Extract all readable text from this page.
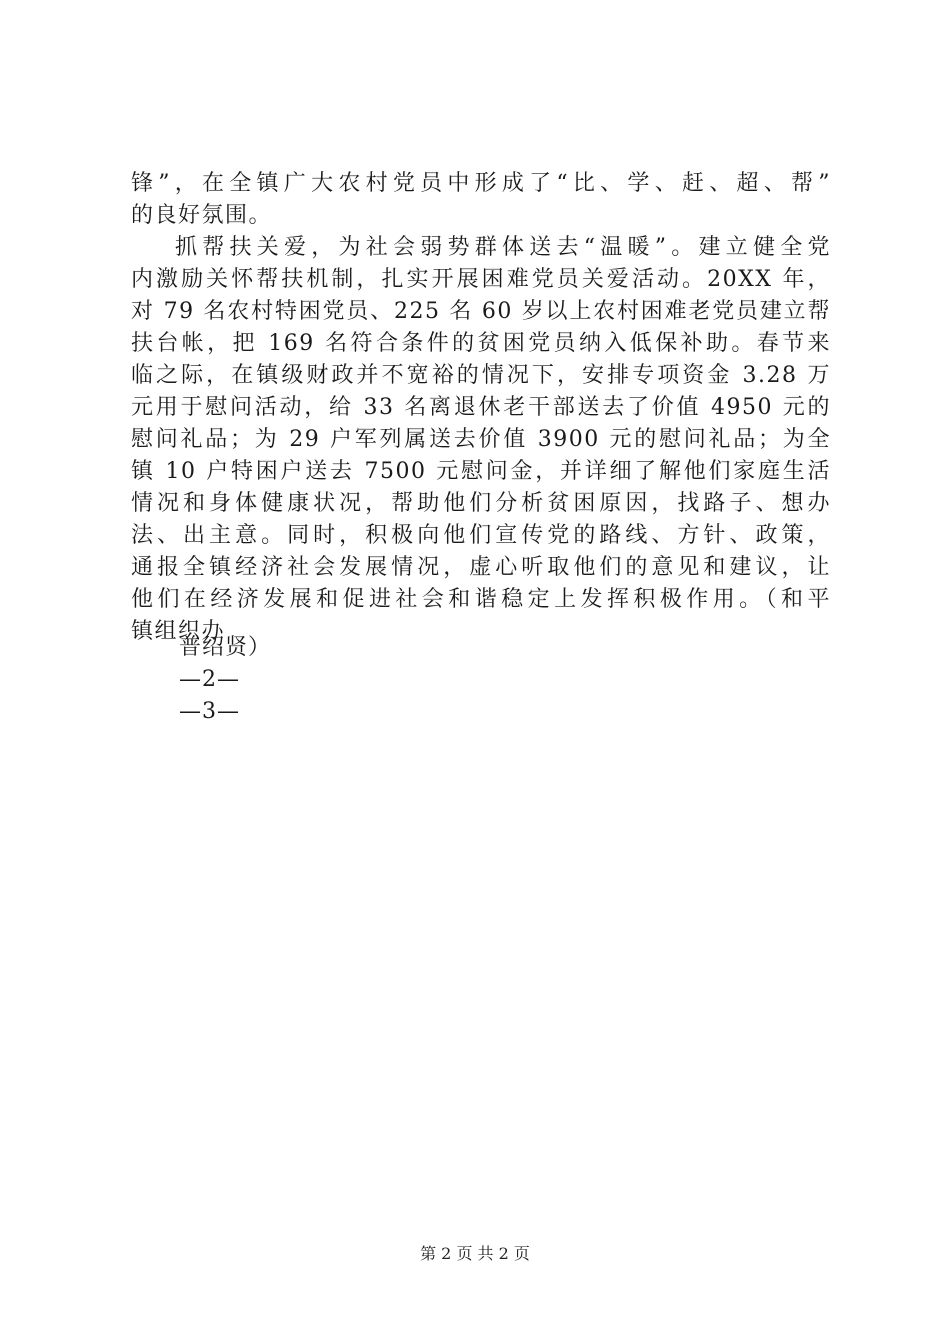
锋”，在全镇广大农村党员中形成了“比、学、赶、超、帮”
的良好氛围。
抓帮扶关爱，为社会弱势群体送去“温暖”。建立健全党
内激励关怀帮扶机制，扎实开展困难党员关爱活动。20XX 年，
对 79 名农村特困党员、225 名 60 岁以上农村困难老党员建立帮
扶台帐，把 169 名符合条件的贫困党员纳入低保补助。春节来
临之际，在镇级财政并不宽裕的情况下，安排专项资金 3.28 万
元用于慰问活动，给 33 名离退休老干部送去了价值 4950 元的
慰问礼品；为 29 户军列属送去价值 3900 元的慰问礼品；为全
镇 10 户特困户送去 7500 元慰问金，并详细了解他们家庭生活
情况和身体健康状况，帮助他们分析贫困原因，找路子、想办
法、出主意。同时，积极向他们宣传党的路线、方针、政策，
通报全镇经济社会发展情况，虚心听取他们的意见和建议，让
他们在经济发展和促进社会和谐稳定上发挥积极作用。（和平
镇组织办
普绍贤）
—2—
—3—
第 2 页 共 2 页
